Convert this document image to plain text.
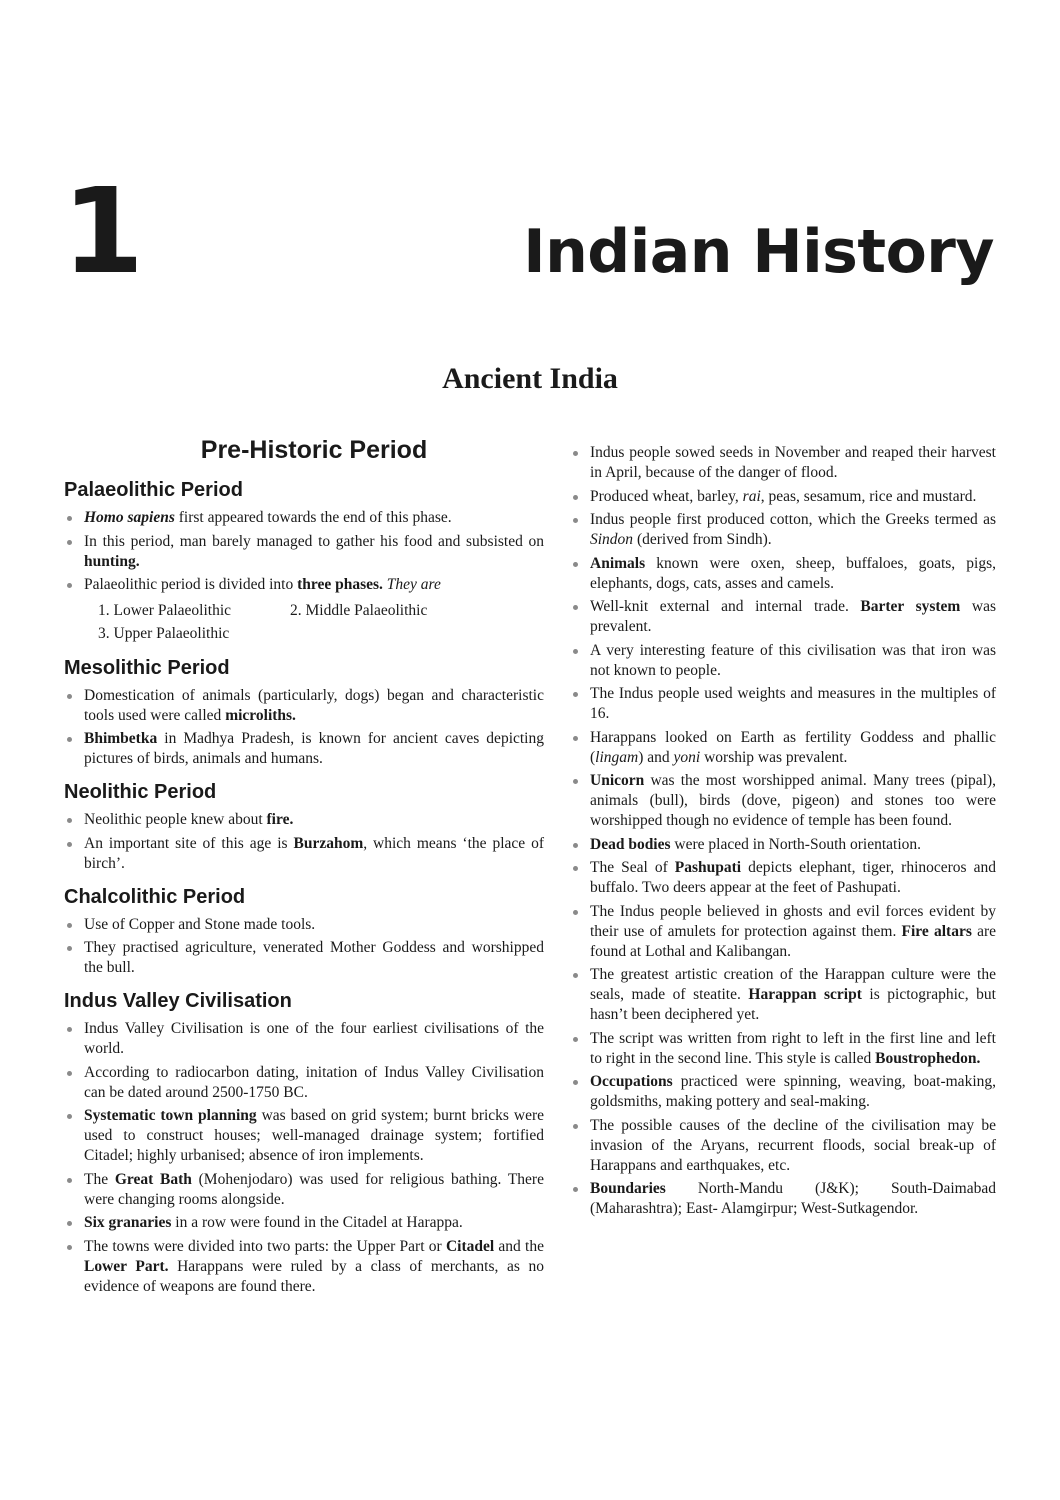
1	Indian History
Ancient India
Pre-Historic Period
Palaeolithic Period
Homo sapiens first appeared towards the end of this phase.
In this period, man barely managed to gather his food and subsisted on hunting.
Palaeolithic period is divided into three phases. They are
1. Lower Palaeolithic	2. Middle Palaeolithic
3. Upper Palaeolithic
Mesolithic Period
Domestication of animals (particularly, dogs) began and characteristic tools used were called microliths.
Bhimbetka in Madhya Pradesh, is known for ancient caves depicting pictures of birds, animals and humans.
Neolithic Period
Neolithic people knew about fire.
An important site of this age is Burzahom, which means ‘the place of birch’.
Chalcolithic Period
Use of Copper and Stone made tools.
They practised agriculture, venerated Mother Goddess and worshipped the bull.
Indus Valley Civilisation
Indus Valley Civilisation is one of the four earliest civilisations of the world.
According to radiocarbon dating, initation of Indus Valley Civilisation can be dated around 2500-1750 BC.
Systematic town planning was based on grid system; burnt bricks were used to construct houses; well-managed drainage system; fortified Citadel; highly urbanised; absence of iron implements.
The Great Bath (Mohenjodaro) was used for religious bathing. There were changing rooms alongside.
Six granaries in a row were found in the Citadel at Harappa.
The towns were divided into two parts: the Upper Part or Citadel and the Lower Part. Harappans were ruled by a class of merchants, as no evidence of weapons are found there.
Indus people sowed seeds in November and reaped their harvest in April, because of the danger of flood.
Produced wheat, barley, rai, peas, sesamum, rice and mustard.
Indus people first produced cotton, which the Greeks termed as Sindon (derived from Sindh).
Animals known were oxen, sheep, buffaloes, goats, pigs, elephants, dogs, cats, asses and camels.
Well-knit external and internal trade. Barter system was prevalent.
A very interesting feature of this civilisation was that iron was not known to people.
The Indus people used weights and measures in the multiples of 16.
Harappans looked on Earth as fertility Goddess and phallic (lingam) and yoni worship was prevalent.
Unicorn was the most worshipped animal. Many trees (pipal), animals (bull), birds (dove, pigeon) and stones too were worshipped though no evidence of temple has been found.
Dead bodies were placed in North-South orientation.
The Seal of Pashupati depicts elephant, tiger, rhinoceros and buffalo. Two deers appear at the feet of Pashupati.
The Indus people believed in ghosts and evil forces evident by their use of amulets for protection against them. Fire altars are found at Lothal and Kalibangan.
The greatest artistic creation of the Harappan culture were the seals, made of steatite. Harappan script is pictographic, but hasn’t been deciphered yet.
The script was written from right to left in the first line and left to right in the second line. This style is called Boustrophedon.
Occupations practiced were spinning, weaving, boat-making, goldsmiths, making pottery and seal-making.
The possible causes of the decline of the civilisation may be invasion of the Aryans, recurrent floods, social break-up of Harappans and earthquakes, etc.
Boundaries North-Mandu (J&K); South-Daimabad (Maharashtra); East- Alamgirpur; West-Sutkagendor.
